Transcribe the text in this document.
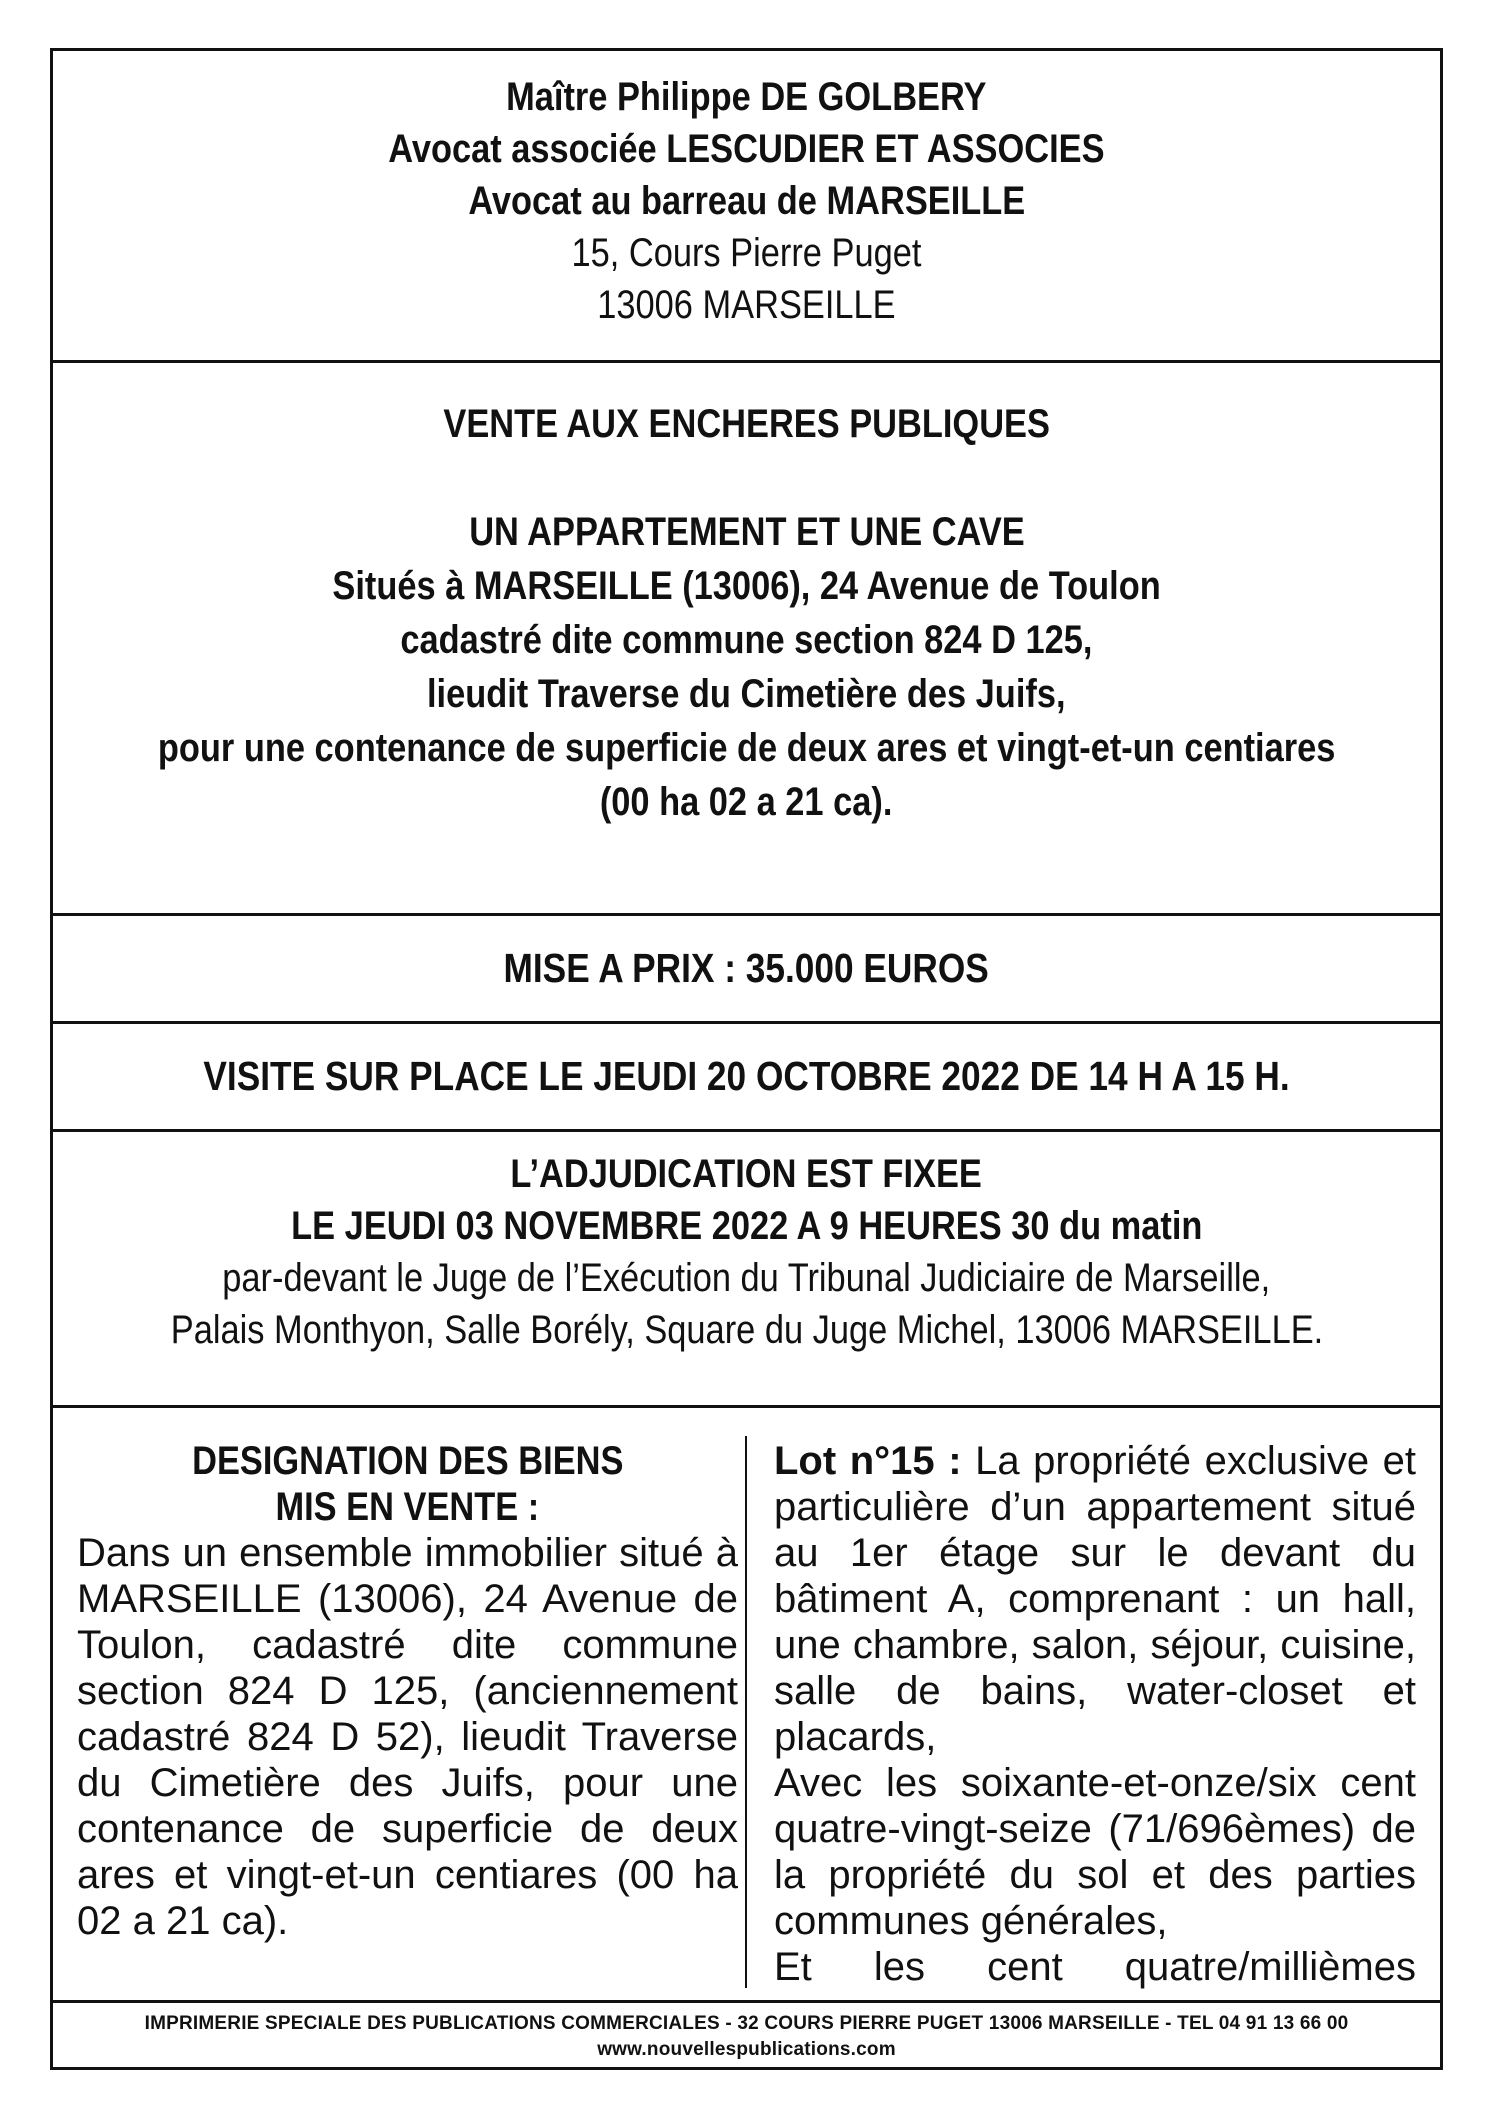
Maître Philippe DE GOLBERY
Avocat associée LESCUDIER ET ASSOCIES
Avocat au barreau de MARSEILLE
15, Cours Pierre Puget
13006 MARSEILLE
VENTE AUX ENCHERES PUBLIQUES
UN APPARTEMENT ET UNE CAVE
Situés à MARSEILLE (13006), 24 Avenue de Toulon
cadastré dite commune section 824 D 125,
lieudit Traverse du Cimetière des Juifs,
pour une contenance de superficie de deux ares et vingt-et-un centiares
(00 ha 02 a 21 ca).
MISE A PRIX : 35.000 EUROS
VISITE SUR PLACE LE JEUDI 20 OCTOBRE 2022 DE 14 H A 15 H.
L’ADJUDICATION EST FIXEE
LE JEUDI 03 NOVEMBRE 2022 A 9 HEURES 30 du matin
par-devant le Juge de l’Exécution du Tribunal Judiciaire de Marseille,
Palais Monthyon, Salle Borély, Square du Juge Michel, 13006 MARSEILLE.
DESIGNATION DES BIENS
MIS EN VENTE :
Dans un ensemble immobilier situé à MARSEILLE (13006), 24 Avenue de Toulon, cadastré dite commune section 824 D 125, (anciennement cadastré 824 D 52), lieudit Traverse du Cimetière des Juifs, pour une contenance de superficie de deux ares et vingt-et-un centiares (00 ha 02 a 21 ca).
Lot n°15 : La propriété exclusive et particulière d’un appartement situé au 1er étage sur le devant du bâtiment A, comprenant : un hall, une chambre, salon, séjour, cuisine, salle de bains, water-closet et placards,
Avec les soixante-et-onze/six cent quatre-vingt-seize (71/696èmes) de la propriété du sol et des parties communes générales,
Et les cent quatre/millièmes
IMPRIMERIE SPECIALE DES PUBLICATIONS COMMERCIALES - 32 COURS PIERRE PUGET 13006 MARSEILLE - TEL 04 91 13 66 00
www.nouvellespublications.com
